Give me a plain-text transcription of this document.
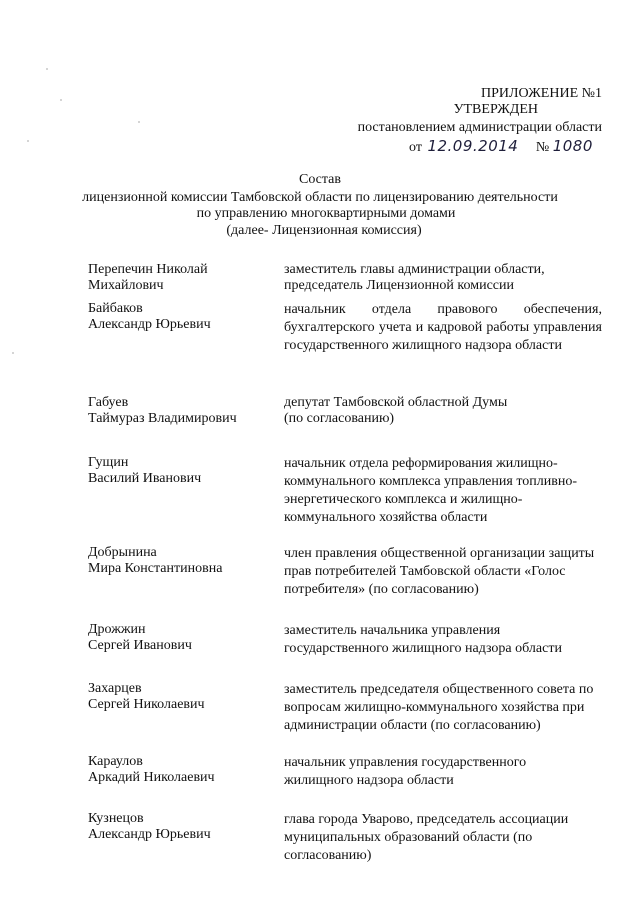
ПРИЛОЖЕНИЕ №1
УТВЕРЖДЕН
постановлением администрации области
от 12.09.2014 № 1080
Состав
лицензионной комиссии Тамбовской области по лицензированию деятельности
по управлению многоквартирными домами
(далее- Лицензионная комиссия)
Перепечин Николай
Михайлович
заместитель главы администрации области, председатель Лицензионной комиссии
Байбаков
Александр Юрьевич
начальник отдела правового обеспечения, бухгалтерского учета и кадровой работы управления государственного жилищного надзора области
Габуев
Таймураз Владимирович
депутат Тамбовской областной Думы (по согласованию)
Гущин
Василий Иванович
начальник отдела реформирования жилищно-коммунального комплекса управления топливно-энергетического комплекса и жилищно-коммунального хозяйства области
Добрынина
Мира Константиновна
член правления общественной организации защиты прав потребителей Тамбовской области «Голос потребителя» (по согласованию)
Дрожжин
Сергей Иванович
заместитель начальника управления государственного жилищного надзора области
Захарцев
Сергей Николаевич
заместитель председателя общественного совета по вопросам жилищно-коммунального хозяйства при администрации области (по согласованию)
Караулов
Аркадий Николаевич
начальник управления государственного жилищного надзора области
Кузнецов
Александр Юрьевич
глава города Уварово, председатель ассоциации муниципальных образований области (по согласованию)
